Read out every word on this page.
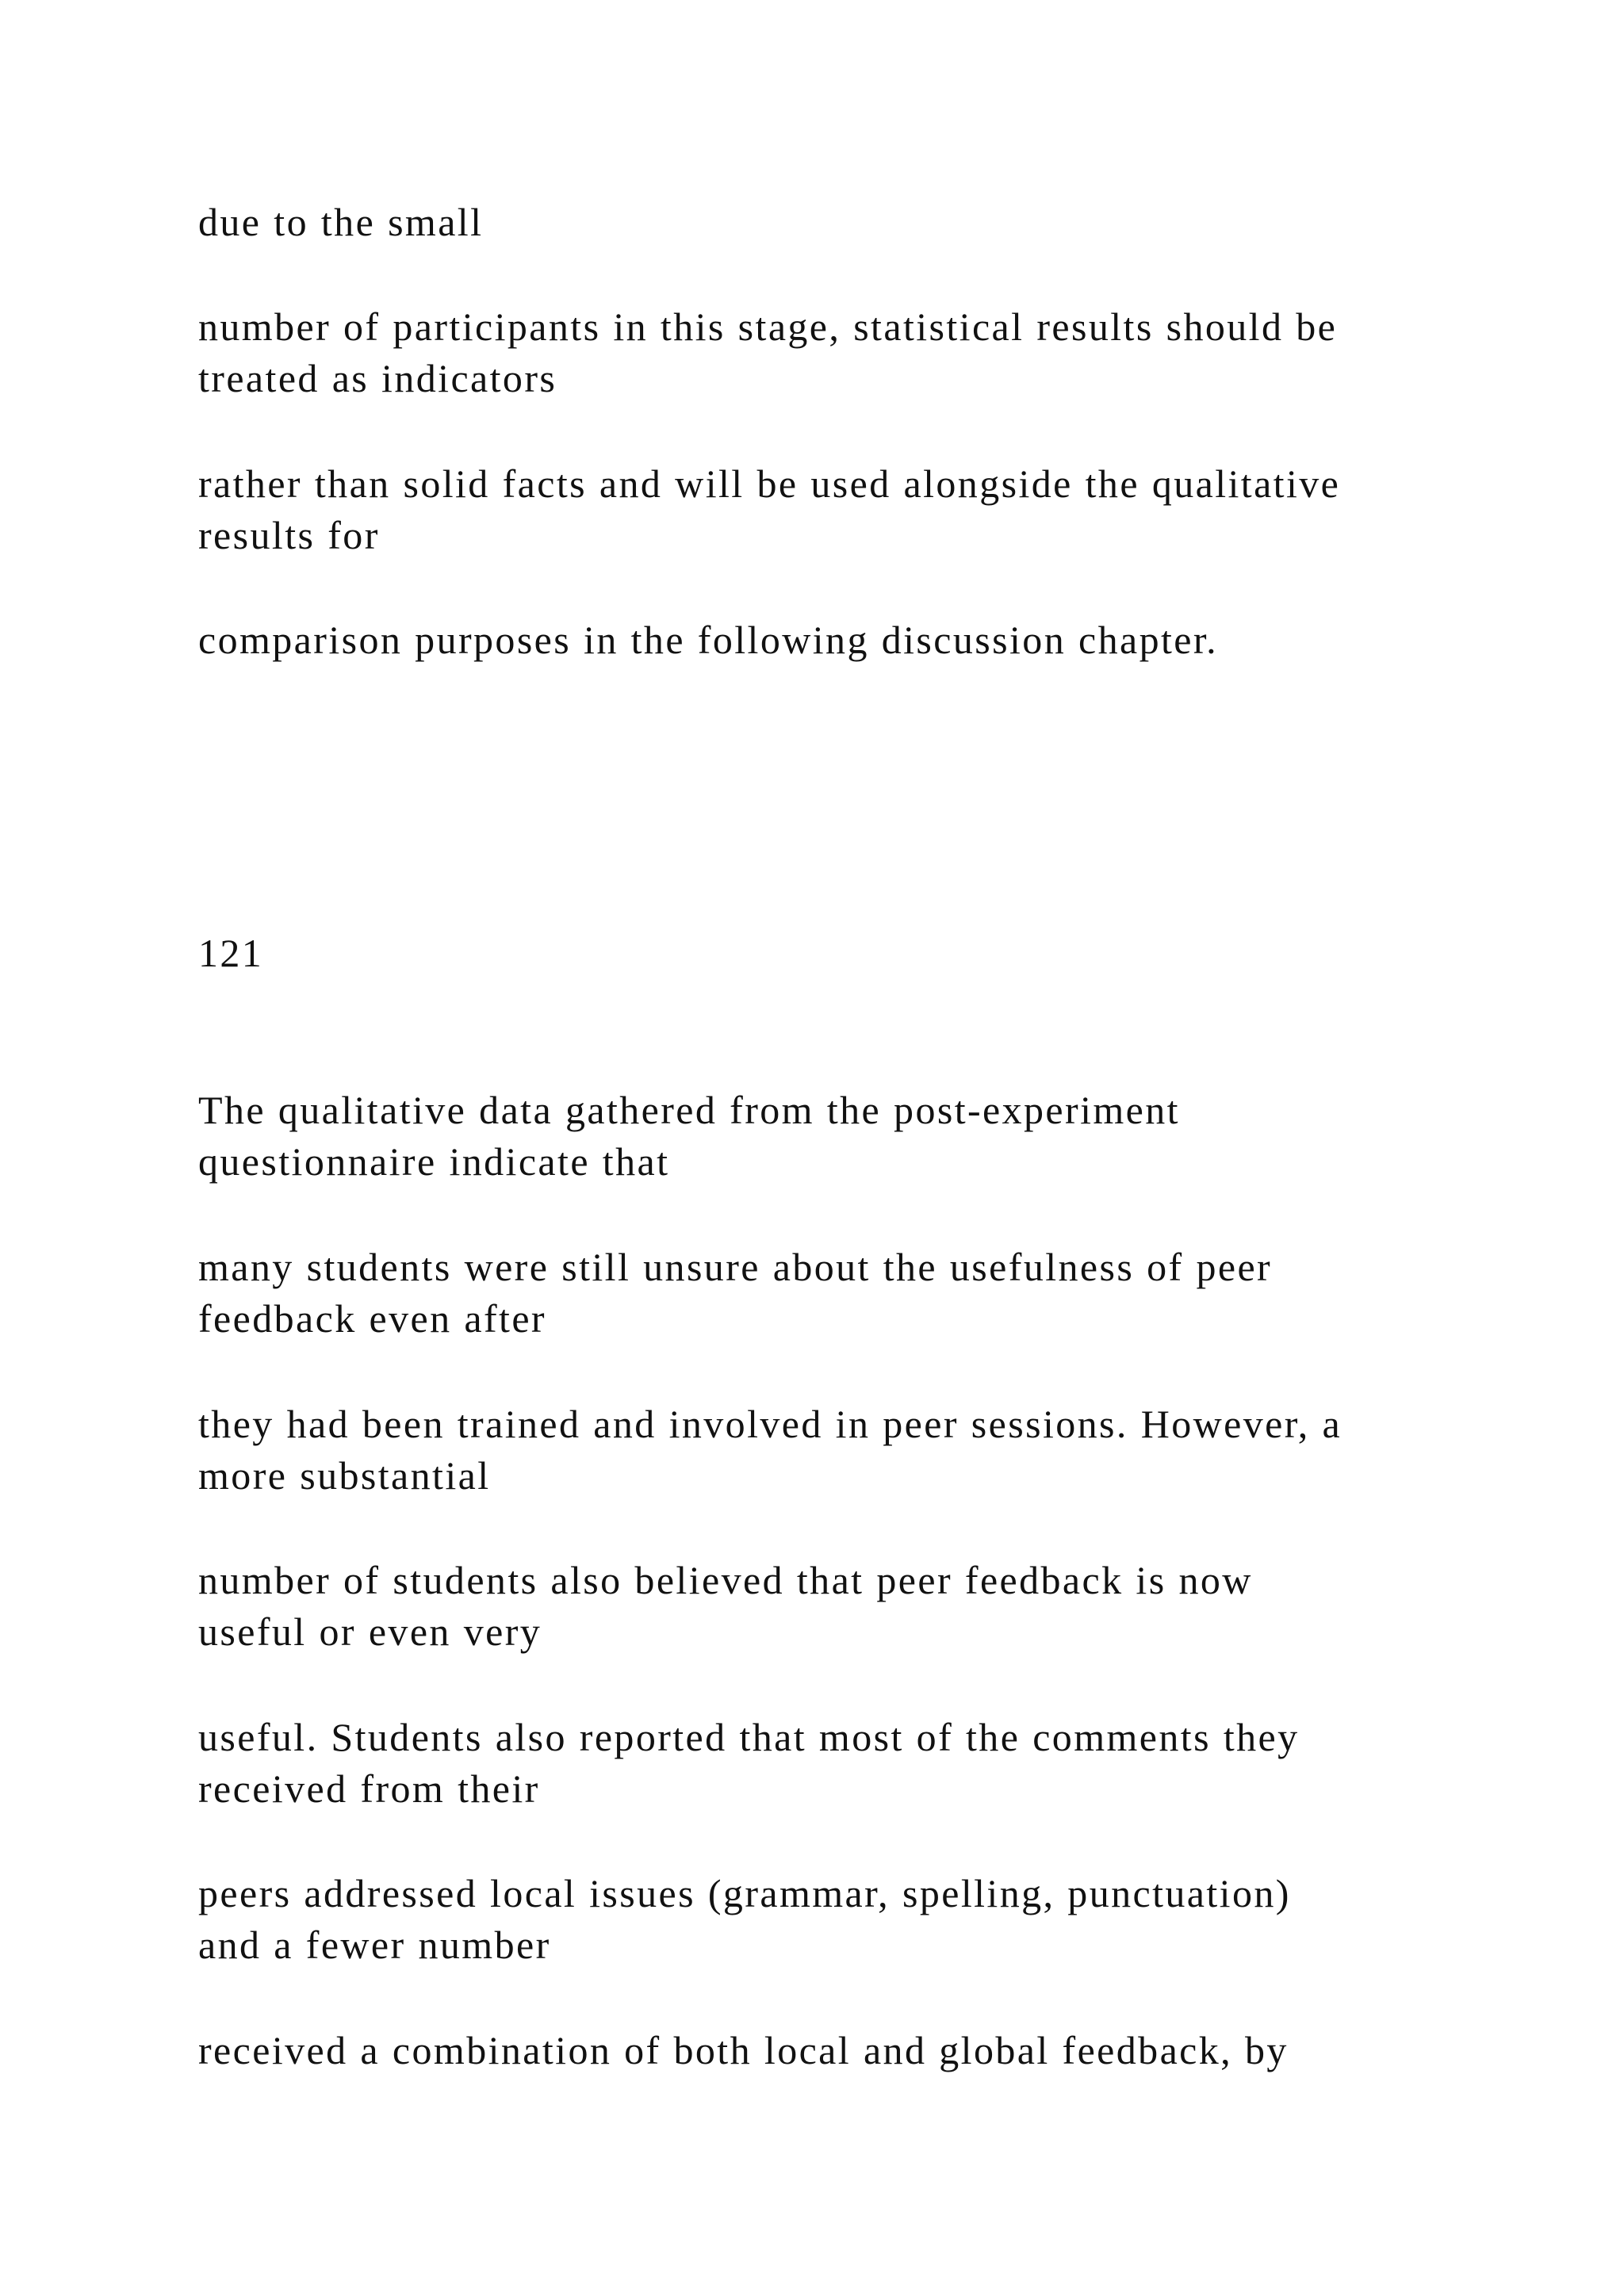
due to the small

number of participants in this stage, statistical results should be

treated as indicators

rather than solid facts and will be used alongside the qualitative

results for

comparison purposes in the following discussion chapter.

121

The qualitative data gathered from the post-experiment

questionnaire indicate that

many students were still unsure about the usefulness of peer

feedback even after

they had been trained and involved in peer sessions. However, a

more substantial

number of students also believed that peer feedback is now

useful or even very

useful. Students also reported that most of the comments they

received from their

peers addressed local issues (grammar, spelling, punctuation)

and a fewer number

received a combination of both local and global feedback, by
